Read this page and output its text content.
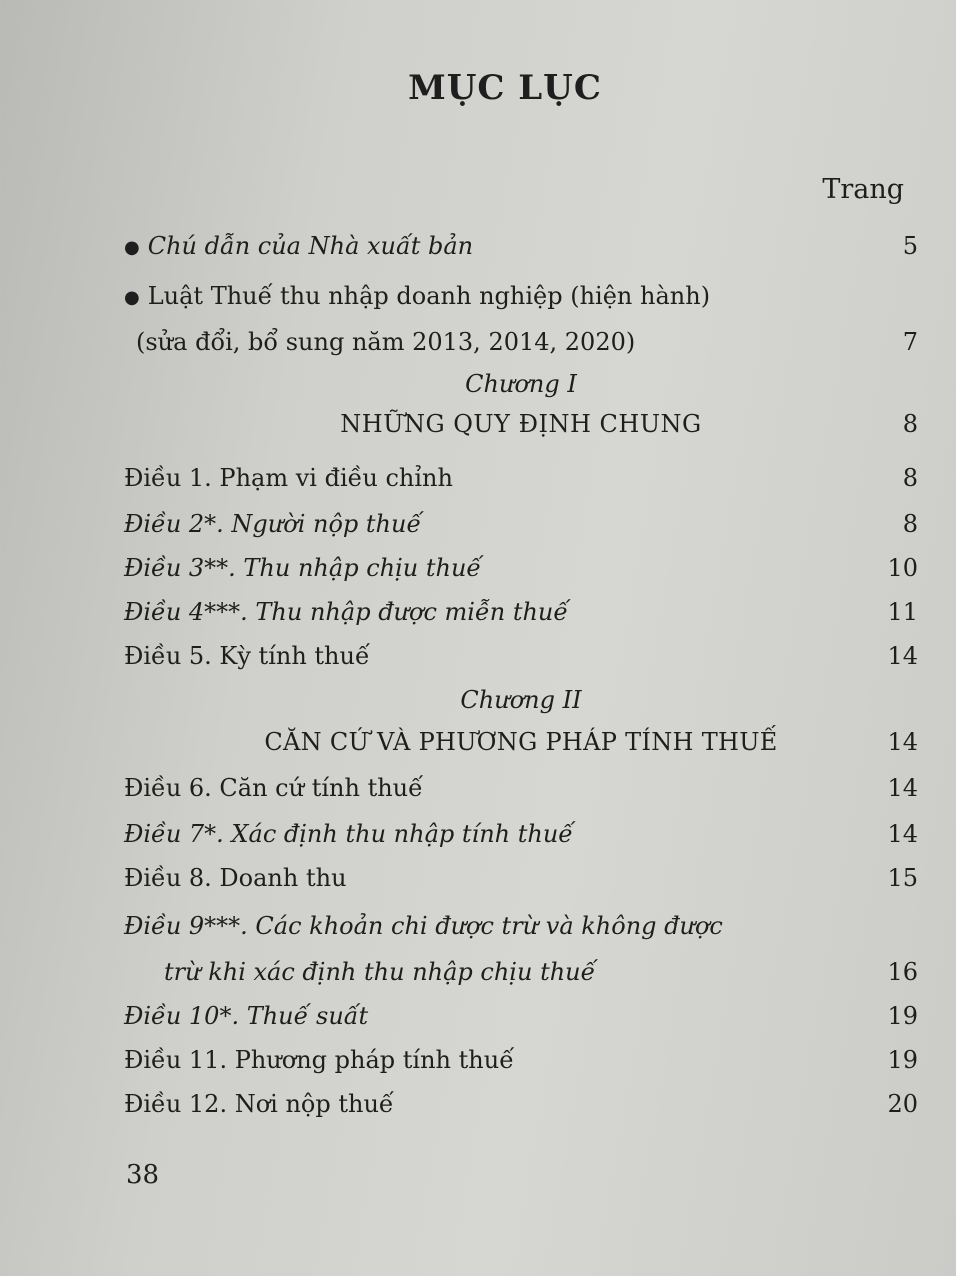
MỤC LỤC
Trang
● Chú dẫn của Nhà xuất bản	5
● Luật Thuế thu nhập doanh nghiệp (hiện hành)
(sửa đổi, bổ sung năm 2013, 2014, 2020)	7
Chương I
NHỮNG QUY ĐỊNH CHUNG	8
Điều 1. Phạm vi điều chỉnh	8
Điều 2*. Người nộp thuế	8
Điều 3**. Thu nhập chịu thuế	10
Điều 4***. Thu nhập được miễn thuế	11
Điều 5. Kỳ tính thuế	14
Chương II
CĂN CỨ VÀ PHƯƠNG PHÁP TÍNH THUẾ	14
Điều 6. Căn cứ tính thuế	14
Điều 7*. Xác định thu nhập tính thuế	14
Điều 8. Doanh thu	15
Điều 9***. Các khoản chi được trừ và không được
trừ khi xác định thu nhập chịu thuế	16
Điều 10*. Thuế suất	19
Điều 11. Phương pháp tính thuế	19
Điều 12. Nơi nộp thuế	20
38
